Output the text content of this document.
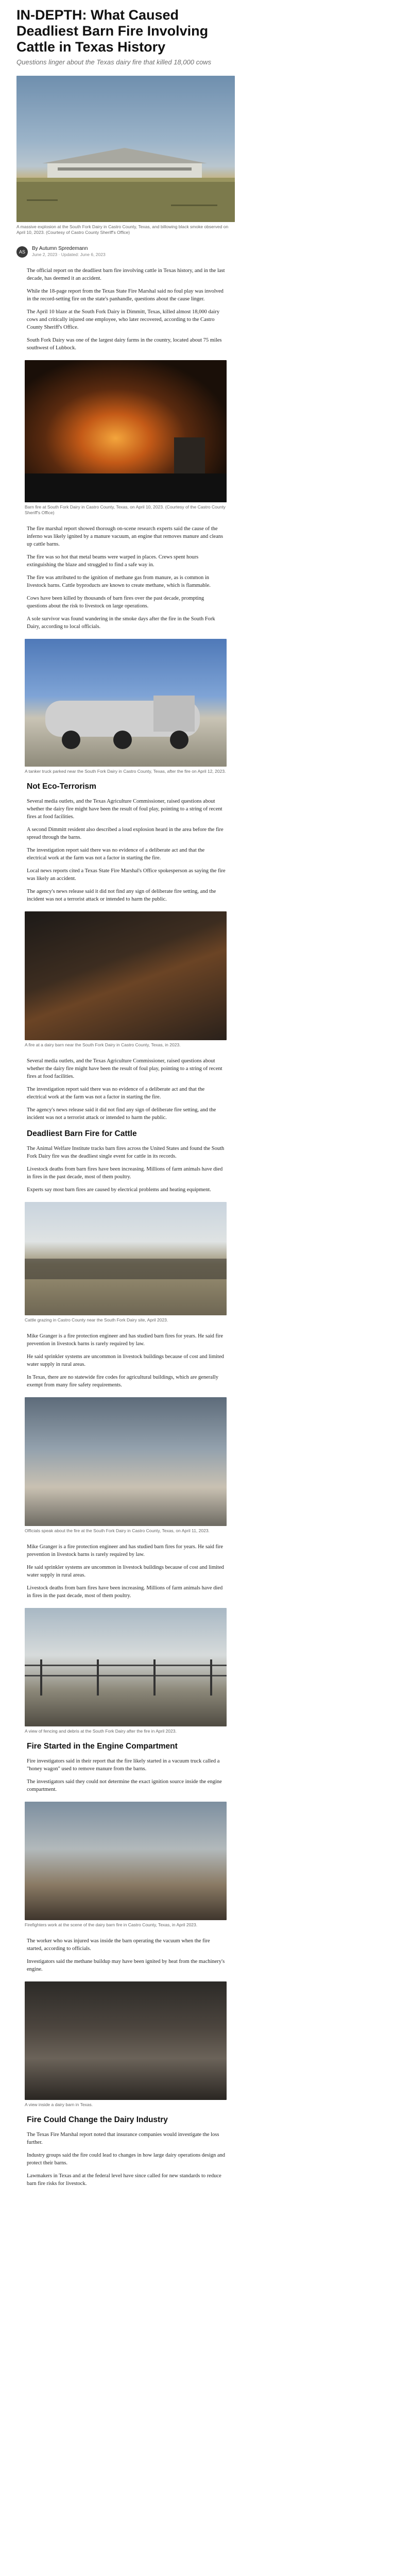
IN-DEPTH: What Caused Deadliest Barn Fire Involving Cattle in Texas History
Questions linger about the Texas dairy fire that killed 18,000 cows
A massive explosion at the South Fork Dairy in Castro County, Texas, and billowing black smoke observed on April 10, 2023. (Courtesy of Castro County Sheriff's Office)
AS
By Autumn Spredemann
June 2, 2023 · Updated: June 6, 2023

The official report on the deadliest barn fire involving cattle in Texas history, and in the last decade, has deemed it an accident.

While the 18-page report from the Texas State Fire Marshal said no foul play was involved in the record-setting fire on the state's panhandle, questions about the cause linger.

The April 10 blaze at the South Fork Dairy in Dimmitt, Texas, killed almost 18,000 dairy cows and critically injured one employee, who later recovered, according to the Castro County Sheriff's Office.

South Fork Dairy was one of the largest dairy farms in the country, located about 75 miles southwest of Lubbock.

Barn fire at South Fork Dairy in Castro County, Texas, on April 10, 2023. (Courtesy of the Castro County Sheriff's Office)

The fire marshal report showed thorough on-scene research experts said the cause of the inferno was likely ignited by a manure vacuum, an engine that removes manure and cleans up cattle barns.

The fire was so hot that metal beams were warped in places. Crews spent hours extinguishing the blaze and struggled to find a safe way in.

The fire was attributed to the ignition of methane gas from manure, as is common in livestock barns. Cattle byproducts are known to create methane, which is flammable.

Cows have been killed by thousands of barn fires over the past decade, prompting questions about the risk to livestock on large operations.

A sole survivor was found wandering in the smoke days after the fire in the South Fork Dairy, according to local officials.

A tanker truck parked near the South Fork Dairy in Castro County, Texas, after the fire on April 12, 2023.
Not Eco-Terrorism

Several media outlets, and the Texas Agriculture Commissioner, raised questions about whether the dairy fire might have been the result of foul play, pointing to a string of recent fires at food facilities.

A second Dimmitt resident also described a loud explosion heard in the area before the fire spread through the barns.

The investigation report said there was no evidence of a deliberate act and that the electrical work at the farm was not a factor in starting the fire.

Local news reports cited a Texas State Fire Marshal's Office spokesperson as saying the fire was likely an accident.

The agency's news release said it did not find any sign of deliberate fire setting, and the incident was not a terrorist attack or intended to harm the public.

A fire at a dairy barn near the South Fork Dairy in Castro County, Texas, in 2023.

Several media outlets, and the Texas Agriculture Commissioner, raised questions about whether the dairy fire might have been the result of foul play, pointing to a string of recent fires at food facilities.

The investigation report said there was no evidence of a deliberate act and that the electrical work at the farm was not a factor in starting the fire.

The agency's news release said it did not find any sign of deliberate fire setting, and the incident was not a terrorist attack or intended to harm the public.

Deadliest Barn Fire for Cattle

The Animal Welfare Institute tracks barn fires across the United States and found the South Fork Dairy fire was the deadliest single event for cattle in its records.

Livestock deaths from barn fires have been increasing. Millions of farm animals have died in fires in the past decade, most of them poultry.

Experts say most barn fires are caused by electrical problems and heating equipment.

Cattle grazing in Castro County near the South Fork Dairy site, April 2023.

Mike Granger is a fire protection engineer and has studied barn fires for years. He said fire prevention in livestock barns is rarely required by law.

He said sprinkler systems are uncommon in livestock buildings because of cost and limited water supply in rural areas.

In Texas, there are no statewide fire codes for agricultural buildings, which are generally exempt from many fire safety requirements.

Officials speak about the fire at the South Fork Dairy in Castro County, Texas, on April 11, 2023.

Mike Granger is a fire protection engineer and has studied barn fires for years. He said fire prevention in livestock barns is rarely required by law.

He said sprinkler systems are uncommon in livestock buildings because of cost and limited water supply in rural areas.

Livestock deaths from barn fires have been increasing. Millions of farm animals have died in fires in the past decade, most of them poultry.

A view of fencing and debris at the South Fork Dairy after the fire in April 2023.
Fire Started in the Engine Compartment

Fire investigators said in their report that the fire likely started in a vacuum truck called a "honey wagon" used to remove manure from the barns.

The investigators said they could not determine the exact ignition source inside the engine compartment.

Firefighters work at the scene of the dairy barn fire in Castro County, Texas, in April 2023.

The worker who was injured was inside the barn operating the vacuum when the fire started, according to officials.

Investigators said the methane buildup may have been ignited by heat from the machinery's engine.

A view inside a dairy barn in Texas.
Fire Could Change the Dairy Industry

The Texas Fire Marshal report noted that insurance companies would investigate the loss further.

Industry groups said the fire could lead to changes in how large dairy operations design and protect their barns.

Lawmakers in Texas and at the federal level have since called for new standards to reduce barn fire risks for livestock.
